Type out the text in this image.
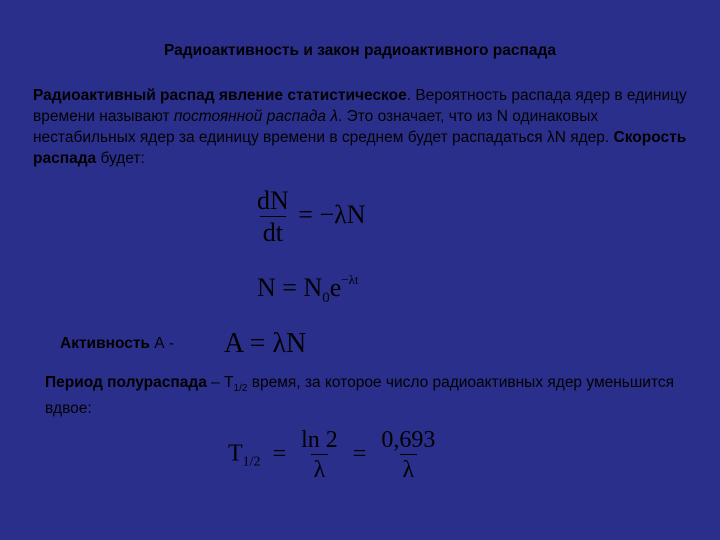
Радиоактивность и закон радиоактивного распада
Радиоактивный распад явление статистическое. Вероятность распада ядер в единицу времени называют постоянной распада λ. Это означает, что из N одинаковых нестабильных ядер за единицу времени в среднем будет распадаться λN ядер. Скорость распада будет:
$\frac{dN}{dt} = -\lambda N$
$N = N_0e^{-\lambda t}$
Активность А - A = λN
Период полураспада – $T_{1/2}$ время, за которое число радиоактивных ядер уменьшится вдвое:
$T_{1/2} = \frac{\ln 2}{\lambda} = \frac{0,693}{\lambda}$
